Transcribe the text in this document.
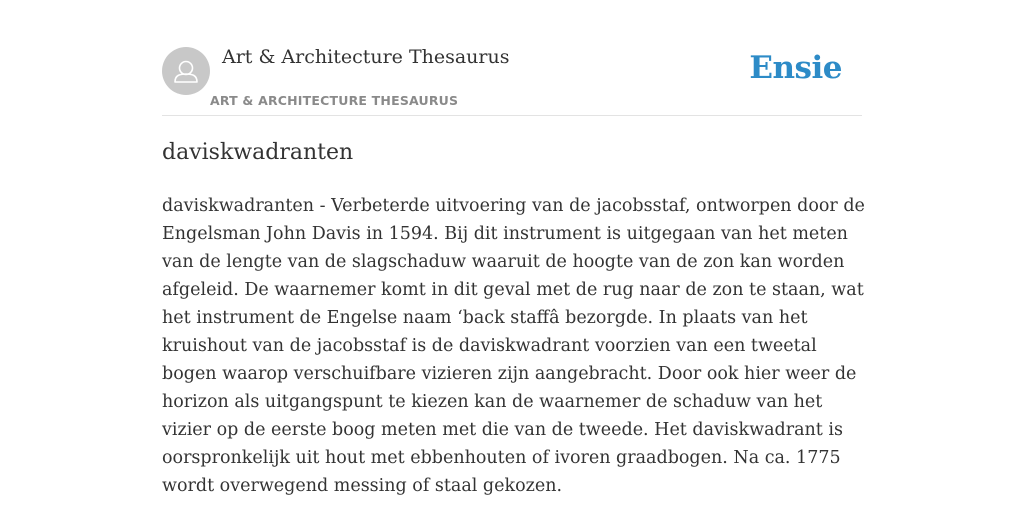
Art & Architecture Thesaurus
ART & ARCHITECTURE THESAURUS
Ensie
daviskwadranten

daviskwadranten - Verbeterde uitvoering van de jacobsstaf, ontworpen door de Engelsman John Davis in 1594. Bij dit instrument is uitgegaan van het meten van de lengte van de slagschaduw waaruit de hoogte van de zon kan worden afgeleid. De waarnemer komt in dit geval met de rug naar de zon te staan, wat het instrument de Engelse naam ‘back staffâ bezorgde. In plaats van het kruishout van de jacobsstaf is de daviskwadrant voorzien van een tweetal bogen waarop verschuifbare vizieren zijn aangebracht. Door ook hier weer de horizon als uitgangspunt te kiezen kan de waarnemer de schaduw van het vizier op de eerste boog meten met die van de tweede. Het daviskwadrant is oorspronkelijk uit hout met ebbenhouten of ivoren graadbogen. Na ca. 1775 wordt overwegend messing of staal gekozen.
